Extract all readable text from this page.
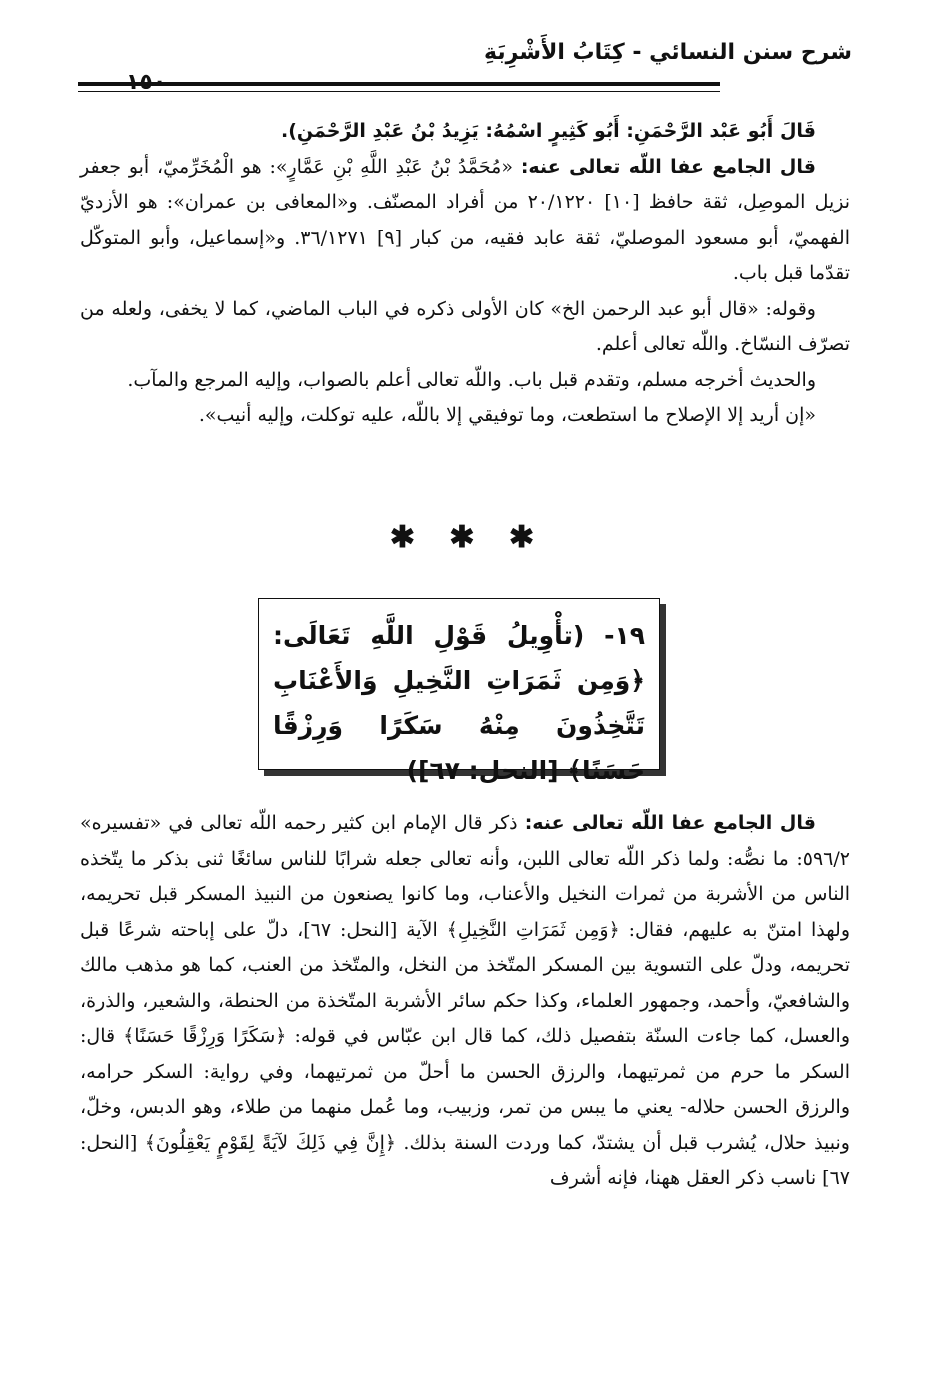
شرح سنن النسائي - كِتَابُ الأَشْرِبَةِ

قَالَ أَبُو عَبْد الرَّحْمَنِ: أَبُو كَثِيرٍ اسْمُهُ: يَزِيدُ بْنُ عَبْدِ الرَّحْمَنِ).

قال الجامع عفا اللّه تعالى عنه: «مُحَمَّدُ بْنُ عَبْدِ اللَّهِ بْنِ عَمَّارٍ»: هو الْمُخَرِّميّ، أبو جعفر نزيل الموصِل، ثقة حافظ [١٠] ٢٠/١٢٢٠ من أفراد المصنّف. و«المعافى بن عمران»: هو الأزديّ الفهميّ، أبو مسعود الموصليّ، ثقة عابد فقيه، من كبار [٩] ٣٦/١٢٧١. و«إسماعيل، وأبو المتوكّل تقدّما قبل باب.

وقوله: «قال أبو عبد الرحمن الخ» كان الأولى ذكره في الباب الماضي، كما لا يخفى، ولعله من تصرّف النسّاخ. واللّه تعالى أعلم.

والحديث أخرجه مسلم، وتقدم قبل باب. واللّه تعالى أعلم بالصواب، وإليه المرجع والمآب.

«إن أريد إلا الإصلاح ما استطعت، وما توفيقي إلا باللّه، عليه توكلت، وإليه أنيب».

✱ ✱ ✱
١٩- (تأْوِيلُ قَوْلِ اللَّهِ تَعَالَى: ﴿وَمِن ثَمَرَاتِ النَّخِيلِ وَالأَعْنَابِ تَتَّخِذُونَ مِنْهُ سَكَرًا وَرِزْقًا حَسَنًا﴾ [النحل: ٦٧])

قال الجامع عفا اللّه تعالى عنه: ذكر قال الإمام ابن كثير رحمه اللّه تعالى في «تفسيره» ٥٩٦/٢: ما نصُّه: ولما ذكر اللّه تعالى اللبن، وأنه تعالى جعله شرابًا للناس سائغًا ثنى بذكر ما يتّخذه الناس من الأشربة من ثمرات النخيل والأعناب، وما كانوا يصنعون من النبيذ المسكر قبل تحريمه، ولهذا امتنّ به عليهم، فقال: ﴿وَمِن ثَمَرَاتِ النَّخِيلِ﴾ الآية [النحل: ٦٧]، دلّ على إباحته شرعًا قبل تحريمه، ودلّ على التسوية بين المسكر المتّخذ من النخل، والمتّخذ من العنب، كما هو مذهب مالك والشافعيّ، وأحمد، وجمهور العلماء، وكذا حكم سائر الأشربة المتّخذة من الحنطة، والشعير، والذرة، والعسل، كما جاءت السنّة بتفصيل ذلك، كما قال ابن عبّاس في قوله: ﴿سَكَرًا وَرِزْقًا حَسَنًا﴾ قال: السكر ما حرم من ثمرتيهما، والرزق الحسن ما أحلّ من ثمرتيهما، وفي رواية: السكر حرامه، والرزق الحسن حلاله- يعني ما يبس من تمر، وزبيب، وما عُمل منهما من طلاء، وهو الدبس، وخلّ، ونبيذ حلال، يُشرب قبل أن يشتدّ، كما وردت السنة بذلك. ﴿إِنَّ فِي ذَلِكَ لآيَةً لِقَوْمٍ يَعْقِلُونَ﴾ [النحل: ٦٧] ناسب ذكر العقل ههنا، فإنه أشرف
